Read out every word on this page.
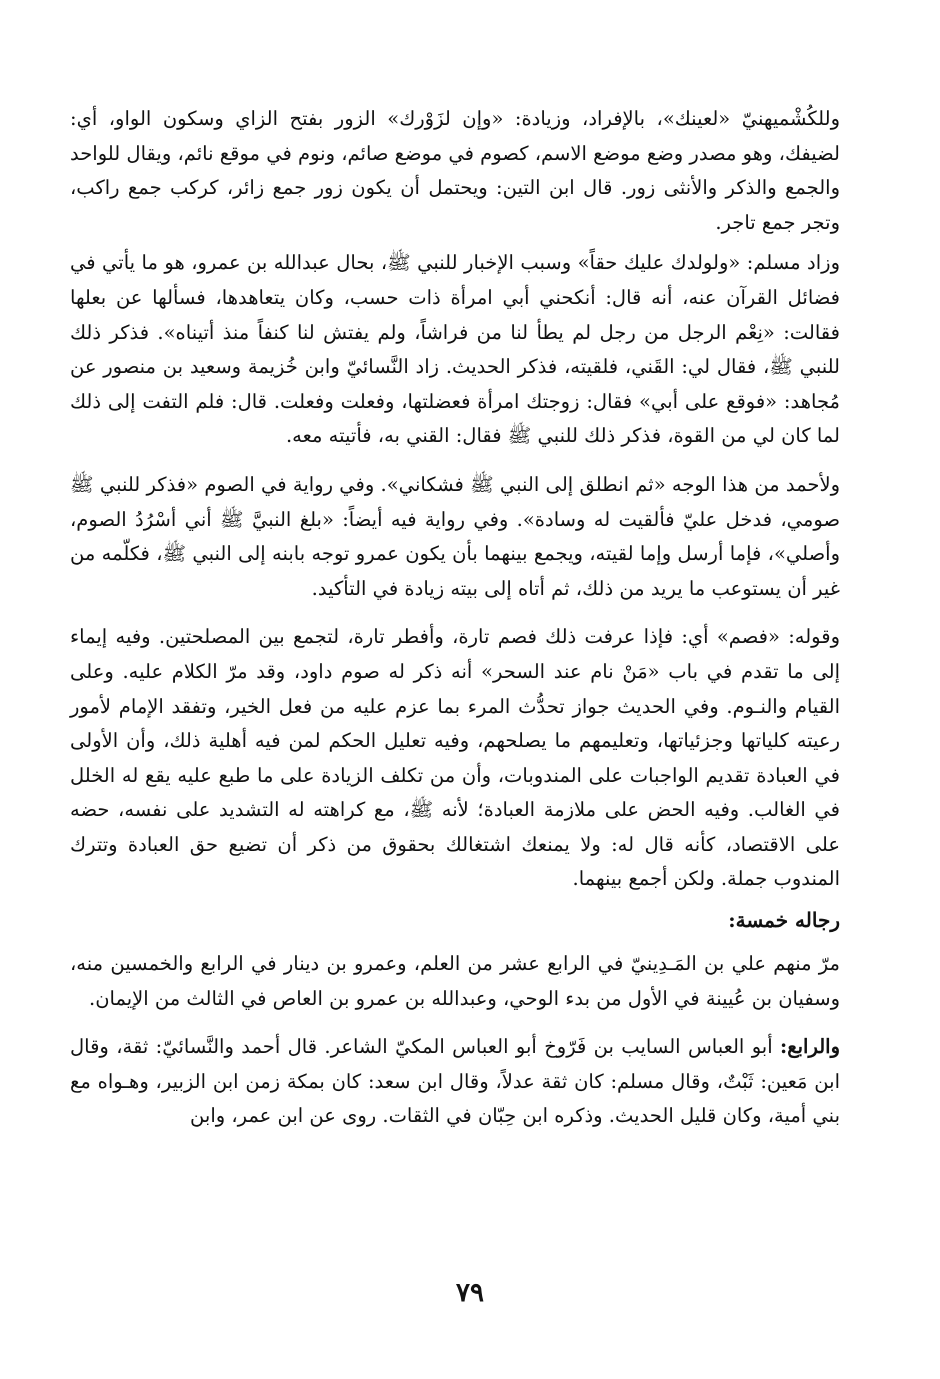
وللكُشْميهنيّ «لعينك»، بالإفراد، وزيادة: «وإن لزَوْرك» الزور بفتح الزاي وسكون الواو، أي: لضيفك، وهو مصدر وضع موضع الاسم، كصوم في موضع صائم، ونوم في موقع نائم، ويقال للواحد والجمع والذكر والأنثى زور. قال ابن التين: ويحتمل أن يكون زور جمع زائر، كركب جمع راكب، وتجر جمع تاجر.

وزاد مسلم: «ولولدك عليك حقاً» وسبب الإخبار للنبي ﷺ، بحال عبدالله بن عمرو، هو ما يأتي في فضائل القرآن عنه، أنه قال: أنكحني أبي امرأة ذات حسب، وكان يتعاهدها، فسألها عن بعلها فقالت: «نِعْم الرجل من رجل لم يطأ لنا من فراشاً، ولم يفتش لنا كنفاً منذ أتيناه». فذكر ذلك للنبي ﷺ، فقال لي: القَني، فلقيته، فذكر الحديث. زاد النَّسائيّ وابن خُزيمة وسعيد بن منصور عن مُجاهد: «فوقع على أبي» فقال: زوجتك امرأة فعضلتها، وفعلت وفعلت. قال: فلم التفت إلى ذلك لما كان لي من القوة، فذكر ذلك للنبي ﷺ فقال: القني به، فأتيته معه.

ولأحمد من هذا الوجه «ثم انطلق إلى النبي ﷺ فشكاني». وفي رواية في الصوم «فذكر للنبي ﷺ صومي، فدخل عليّ فألقيت له وسادة». وفي رواية فيه أيضاً: «بلغ النبيَّ ﷺ أني أسْرُدُ الصوم، وأصلي»، فإما أرسل وإما لقيته، ويجمع بينهما بأن يكون عمرو توجه بابنه إلى النبي ﷺ، فكلّمه من غير أن يستوعب ما يريد من ذلك، ثم أتاه إلى بيته زيادة في التأكيد.

وقوله: «فصم» أي: فإذا عرفت ذلك فصم تارة، وأفطر تارة، لتجمع بين المصلحتين. وفيه إيماء إلى ما تقدم في باب «مَنْ نام عند السحر» أنه ذكر له صوم داود، وقد مرّ الكلام عليه. وعلى القيام والنـوم. وفي الحديث جواز تحدُّث المرء بما عزم عليه من فعل الخير، وتفقد الإمام لأمور رعيته كلياتها وجزئياتها، وتعليمهم ما يصلحهم، وفيه تعليل الحكم لمن فيه أهلية ذلك، وأن الأولى في العبادة تقديم الواجبات على المندوبات، وأن من تكلف الزيادة على ما طبع عليه يقع له الخلل في الغالب. وفيه الحض على ملازمة العبادة؛ لأنه ﷺ، مع كراهته له التشديد على نفسه، حضه على الاقتصاد، كأنه قال له: ولا يمنعك اشتغالك بحقوق من ذكر أن تضيع حق العبادة وتترك المندوب جملة. ولكن أجمع بينهما.

رجاله خمسة:

مرّ منهم علي بن المَـدِينيّ في الرابع عشر من العلم، وعمرو بن دينار في الرابع والخمسين منه، وسفيان بن عُيينة في الأول من بدء الوحي، وعبدالله بن عمرو بن العاص في الثالث من الإيمان.

والرابع: أبو العباس السايب بن فَرّوخ أبو العباس المكيّ الشاعر. قال أحمد والنَّسائيّ: ثقة، وقال ابن مَعين: ثَبْتٌ، وقال مسلم: كان ثقة عدلاً، وقال ابن سعد: كان بمكة زمن ابن الزبير، وهـواه مع بني أمية، وكان قليل الحديث. وذكره ابن حِبّان في الثقات. روى عن ابن عمر، وابن

٧٩
